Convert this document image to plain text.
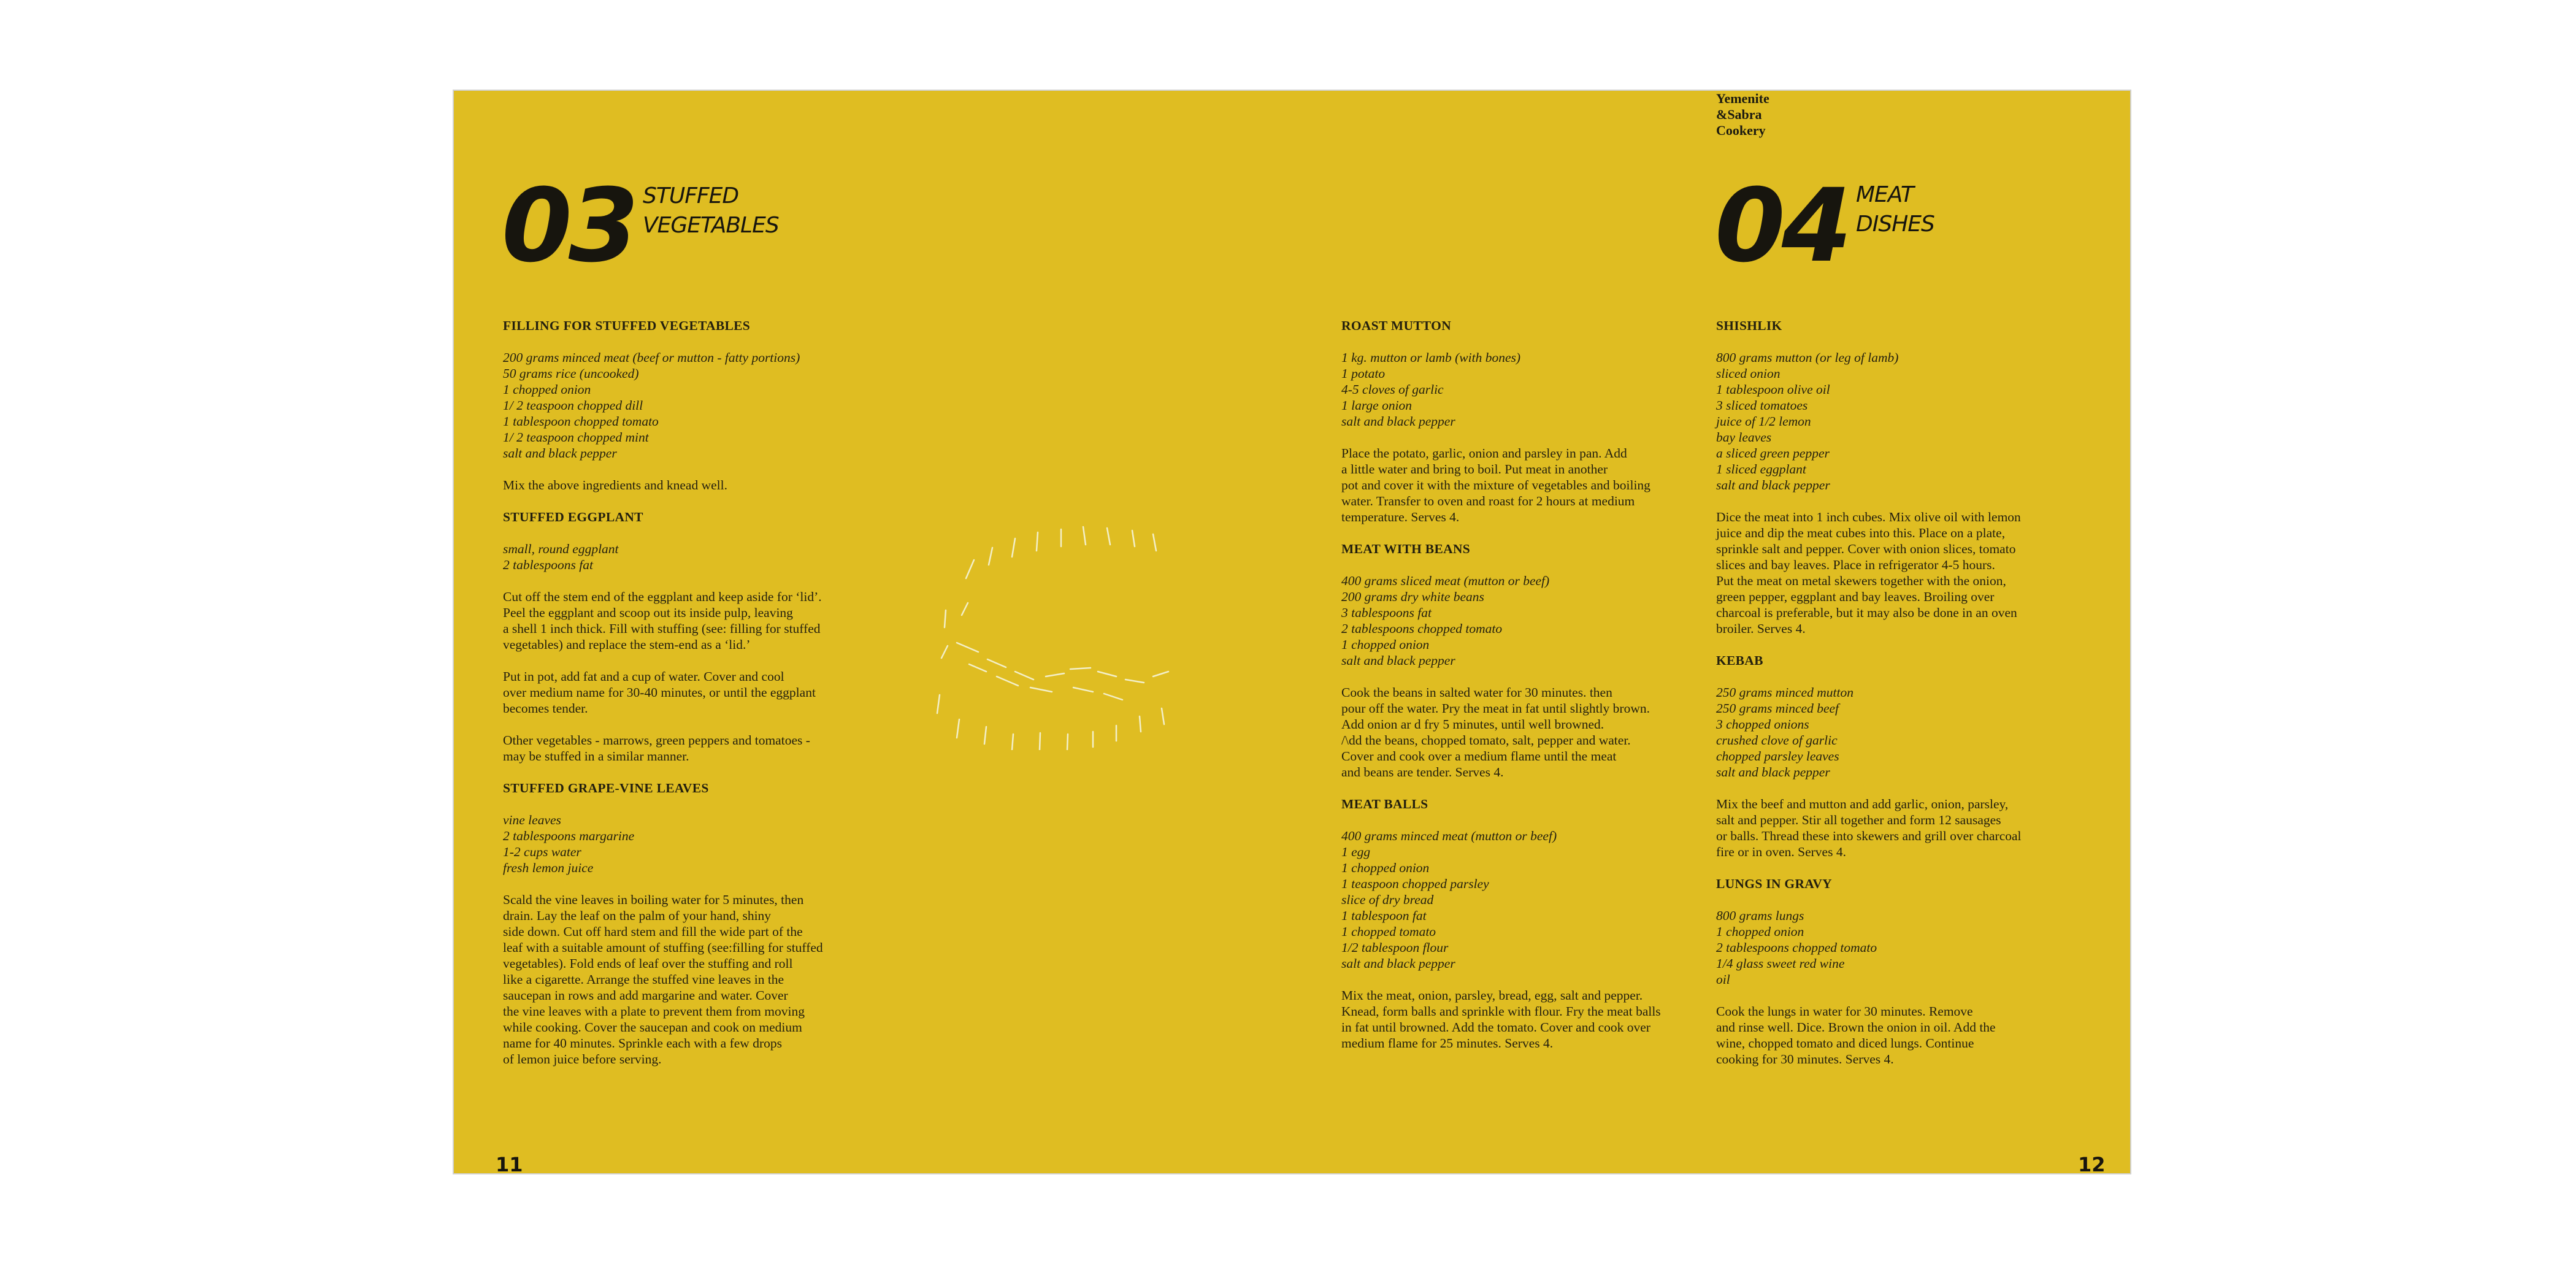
Yemenite
&Sabra
Cookery
03 STUFFED
VEGETABLES	04 MEAT
DISHES
FILLING FOR STUFFED VEGETABLES
200 grams minced meat (beef or mutton - fatty portions)
50 grams rice (uncooked)
1 chopped onion
1/ 2 teaspoon chopped dill
1 tablespoon chopped tomato
1/ 2 teaspoon chopped mint
salt and black pepper
Mix the above ingredients and knead well.
STUFFED EGGPLANT
small, round eggplant
2 tablespoons fat
Cut off the stem end of the eggplant and keep aside for ‘lid’.
Peel the eggplant and scoop out its inside pulp, leaving
a shell 1 inch thick. Fill with stuffing (see: filling for stuffed
vegetables) and replace the stem-end as a ‘lid.’
Put in pot, add fat and a cup of water. Cover and cool
over medium name for 30-40 minutes, or until the eggplant
becomes tender.
Other vegetables - marrows, green peppers and tomatoes -
may be stuffed in a similar manner.
STUFFED GRAPE-VINE LEAVES
vine leaves
2 tablespoons margarine
1-2 cups water
fresh lemon juice
Scald the vine leaves in boiling water for 5 minutes, then
drain. Lay the leaf on the palm of your hand, shiny
side down. Cut off hard stem and fill the wide part of the
leaf with a suitable amount of stuffing (see:filling for stuffed
vegetables). Fold ends of leaf over the stuffing and roll
like a cigarette. Arrange the stuffed vine leaves in the
saucepan in rows and add margarine and water. Cover
the vine leaves with a plate to prevent them from moving
while cooking. Cover the saucepan and cook on medium
name for 40 minutes. Sprinkle each with a few drops
of lemon juice before serving.
ROAST MUTTON
1 kg. mutton or lamb (with bones)
1 potato
4-5 cloves of garlic
1 large onion
salt and black pepper
Place the potato, garlic, onion and parsley in pan. Add
a little water and bring to boil. Put meat in another
pot and cover it with the mixture of vegetables and boiling
water. Transfer to oven and roast for 2 hours at medium
temperature. Serves 4.
MEAT WITH BEANS
400 grams sliced meat (mutton or beef)
200 grams dry white beans
3 tablespoons fat
2 tablespoons chopped tomato
1 chopped onion
salt and black pepper
Cook the beans in salted water for 30 minutes. then
pour off the water. Pry the meat in fat until slightly brown.
Add onion ar d fry 5 minutes, until well browned.
/\dd the beans, chopped tomato, salt, pepper and water.
Cover and cook over a medium flame until the meat
and beans are tender. Serves 4.
MEAT BALLS
400 grams minced meat (mutton or beef)
1 egg
1 chopped onion
1 teaspoon chopped parsley
slice of dry bread
1 tablespoon fat
1 chopped tomato
1/2 tablespoon flour
salt and black pepper
Mix the meat, onion, parsley, bread, egg, salt and pepper.
Knead, form balls and sprinkle with flour. Fry the meat balls
in fat until browned. Add the tomato. Cover and cook over
medium flame for 25 minutes. Serves 4.
SHISHLIK
800 grams mutton (or leg of lamb)
sliced onion
1 tablespoon olive oil
3 sliced tomatoes
juice of 1/2 lemon
bay leaves
a sliced green pepper
1 sliced eggplant
salt and black pepper
Dice the meat into 1 inch cubes. Mix olive oil with lemon
juice and dip the meat cubes into this. Place on a plate,
sprinkle salt and pepper. Cover with onion slices, tomato
slices and bay leaves. Place in refrigerator 4-5 hours.
Put the meat on metal skewers together with the onion,
green pepper, eggplant and bay leaves. Broiling over
charcoal is preferable, but it may also be done in an oven
broiler. Serves 4.
KEBAB
250 grams minced mutton
250 grams minced beef
3 chopped onions
crushed clove of garlic
chopped parsley leaves
salt and black pepper
Mix the beef and mutton and add garlic, onion, parsley,
salt and pepper. Stir all together and form 12 sausages
or balls. Thread these into skewers and grill over charcoal
fire or in oven. Serves 4.
LUNGS IN GRAVY
800 grams lungs
1 chopped onion
2 tablespoons chopped tomato
1/4 glass sweet red wine
oil
Cook the lungs in water for 30 minutes. Remove
and rinse well. Dice. Brown the onion in oil. Add the
wine, chopped tomato and diced lungs. Continue
cooking for 30 minutes. Serves 4.
11	12
